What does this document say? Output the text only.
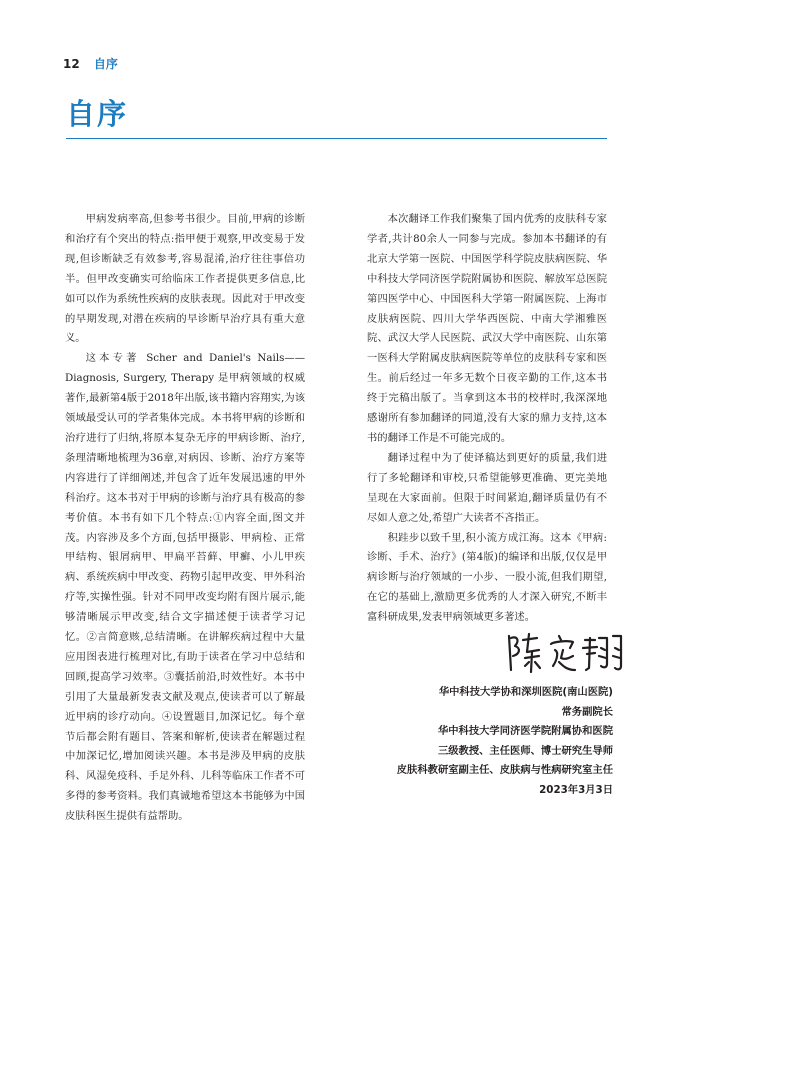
12 自序
自序

甲病发病率高,但参考书很少。目前,甲病的诊断和治疗有个突出的特点:指甲便于观察,甲改变易于发现,但诊断缺乏有效参考,容易混淆,治疗往往事倍功半。但甲改变确实可给临床工作者提供更多信息,比如可以作为系统性疾病的皮肤表现。因此对于甲改变的早期发现,对潜在疾病的早诊断早治疗具有重大意义。

这本专著 Scher and Daniel's Nails——Diagnosis, Surgery, Therapy 是甲病领域的权威著作,最新第4版于2018年出版,该书籍内容翔实,为该领域最受认可的学者集体完成。本书将甲病的诊断和治疗进行了归纳,将原本复杂无序的甲病诊断、治疗,条理清晰地梳理为36章,对病因、诊断、治疗方案等内容进行了详细阐述,并包含了近年发展迅速的甲外科治疗。这本书对于甲病的诊断与治疗具有极高的参考价值。本书有如下几个特点:①内容全面,图文并茂。内容涉及多个方面,包括甲摄影、甲病检、正常甲结构、银屑病甲、甲扁平苔藓、甲癣、小儿甲疾病、系统疾病中甲改变、药物引起甲改变、甲外科治疗等,实操性强。针对不同甲改变均附有图片展示,能够清晰展示甲改变,结合文字描述便于读者学习记忆。②言简意赅,总结清晰。在讲解疾病过程中大量应用图表进行梳理对比,有助于读者在学习中总结和回顾,提高学习效率。③囊括前沿,时效性好。本书中引用了大量最新发表文献及观点,使读者可以了解最近甲病的诊疗动向。④设置题目,加深记忆。每个章节后都会附有题目、答案和解析,使读者在解题过程中加深记忆,增加阅读兴趣。本书是涉及甲病的皮肤科、风湿免疫科、手足外科、儿科等临床工作者不可多得的参考资料。我们真诚地希望这本书能够为中国皮肤科医生提供有益帮助。

本次翻译工作我们聚集了国内优秀的皮肤科专家学者,共计80余人一同参与完成。参加本书翻译的有北京大学第一医院、中国医学科学院皮肤病医院、华中科技大学同济医学院附属协和医院、解放军总医院第四医学中心、中国医科大学第一附属医院、上海市皮肤病医院、四川大学华西医院、中南大学湘雅医院、武汉大学人民医院、武汉大学中南医院、山东第一医科大学附属皮肤病医院等单位的皮肤科专家和医生。前后经过一年多无数个日夜辛勤的工作,这本书终于完稿出版了。当拿到这本书的校样时,我深深地感谢所有参加翻译的同道,没有大家的鼎力支持,这本书的翻译工作是不可能完成的。

翻译过程中为了使译稿达到更好的质量,我们进行了多轮翻译和审校,只希望能够更准确、更完美地呈现在大家面前。但限于时间紧迫,翻译质量仍有不尽如人意之处,希望广大读者不吝指正。

积跬步以致千里,积小流方成江海。这本《甲病:诊断、手术、治疗》(第4版)的编译和出版,仅仅是甲病诊断与治疗领域的一小步、一股小流,但我们期望,在它的基础上,激励更多优秀的人才深入研究,不断丰富科研成果,发表甲病领域更多著述。

华中科技大学协和深圳医院(南山医院)
常务副院长
华中科技大学同济医学院附属协和医院
三级教授、主任医师、博士研究生导师
皮肤科教研室副主任、皮肤病与性病研究室主任
2023年3月3日
